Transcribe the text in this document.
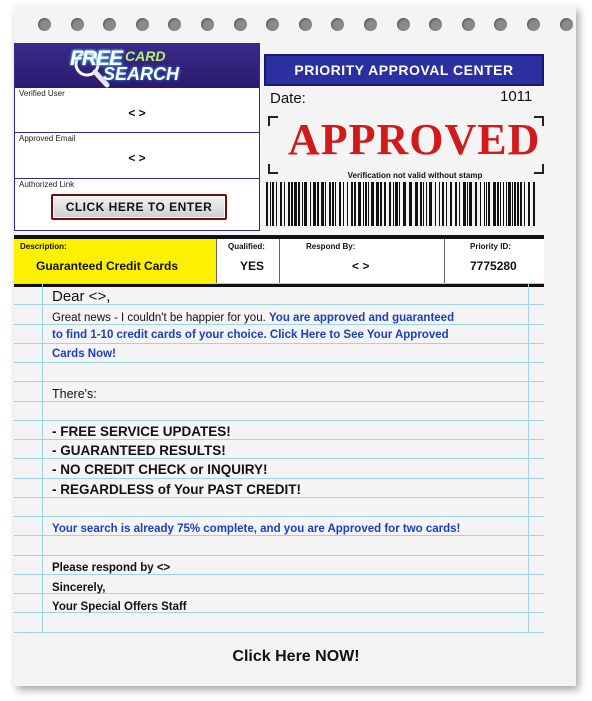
FREE CARD
SEARCH
Verified User
< >
Approved Email
< >
Authorized Link
CLICK HERE TO ENTER
PRIORITY APPROVAL CENTER
Date:	1011
APPROVED
Verification not valid without stamp
Description:
Guaranteed Credit Cards
Qualified:
YES
Respond By:
< >
Priority ID:
7775280
Dear <>,
Great news - I couldn't be happier for you. You are approved and guaranteed
to find 1-10 credit cards of your choice. Click Here to See Your Approved
Cards Now!
There's:
- FREE SERVICE UPDATES!
- GUARANTEED RESULTS!
- NO CREDIT CHECK or INQUIRY!
- REGARDLESS of Your PAST CREDIT!
Your search is already 75% complete, and you are Approved for two cards!
Please respond by <>
Sincerely,
Your Special Offers Staff
Click Here NOW!
